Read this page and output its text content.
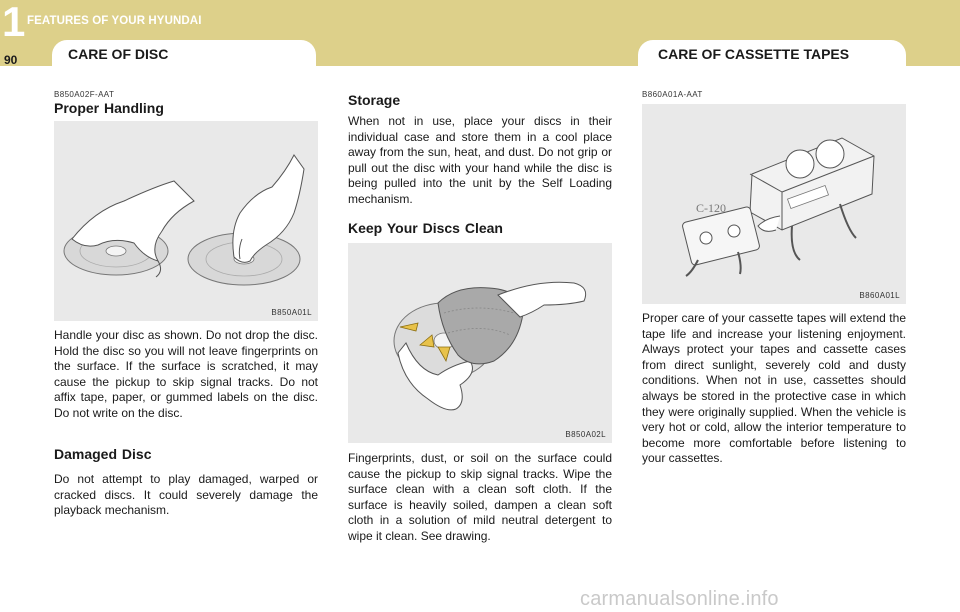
1 FEATURES OF YOUR HYUNDAI
90	CARE OF DISC	CARE OF CASSETTE TAPES
B850A02F-AAT
Proper Handling
B850A01L

Handle your disc as shown. Do not drop the disc. Hold the disc so you will not leave fingerprints on the surface. If the surface is scratched, it may cause the pickup to skip signal tracks. Do not affix tape, paper, or gummed labels on the disc. Do not write on the disc.

Damaged Disc

Do not attempt to play damaged, warped or cracked discs. It could severely damage the playback mechanism.

Storage

When not in use, place your discs in their individual case and store them in a cool place away from the sun, heat, and dust. Do not grip or pull out the disc with your hand while the disc is being pulled into the unit by the Self Loading mechanism.

Keep Your Discs Clean
B850A02L

Fingerprints, dust, or soil on the surface could cause the pickup to skip signal tracks. Wipe the surface clean with a clean soft cloth. If the surface is heavily soiled, dampen a clean soft cloth in a solution of mild neutral detergent to wipe it clean. See drawing.

B860A01A-AAT
C-120
B860A01L

Proper care of your cassette tapes will extend the tape life and increase your listening enjoyment. Always protect your tapes and cassette cases from direct sunlight, severely cold and dusty conditions. When not in use, cassettes should always be stored in the protective case in which they were originally supplied. When the vehicle is very hot or cold, allow the interior temperature to become more comfortable before listening to your cassettes.

carmanualsonline.info
